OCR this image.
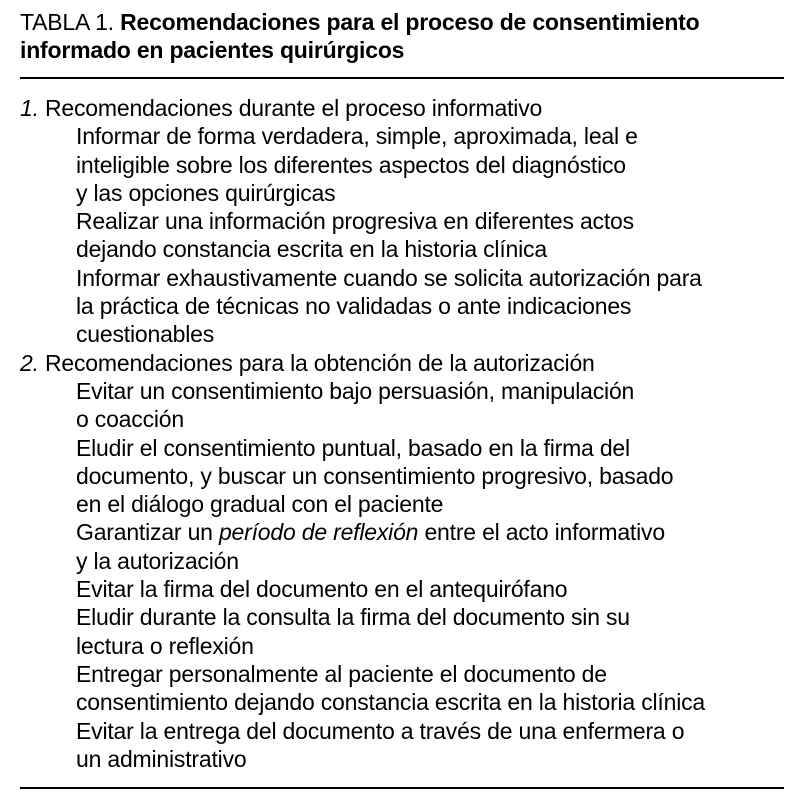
TABLA 1. Recomendaciones para el proceso de consentimiento
informado en pacientes quirúrgicos
1. Recomendaciones durante el proceso informativo
Informar de forma verdadera, simple, aproximada, leal e
inteligible sobre los diferentes aspectos del diagnóstico
y las opciones quirúrgicas
Realizar una información progresiva en diferentes actos
dejando constancia escrita en la historia clínica
Informar exhaustivamente cuando se solicita autorización para
la práctica de técnicas no validadas o ante indicaciones
cuestionables
2. Recomendaciones para la obtención de la autorización
Evitar un consentimiento bajo persuasión, manipulación
o coacción
Eludir el consentimiento puntual, basado en la firma del
documento, y buscar un consentimiento progresivo, basado
en el diálogo gradual con el paciente
Garantizar un período de reflexión entre el acto informativo
y la autorización
Evitar la firma del documento en el antequirófano
Eludir durante la consulta la firma del documento sin su
lectura o reflexión
Entregar personalmente al paciente el documento de
consentimiento dejando constancia escrita en la historia clínica
Evitar la entrega del documento a través de una enfermera o
un administrativo
